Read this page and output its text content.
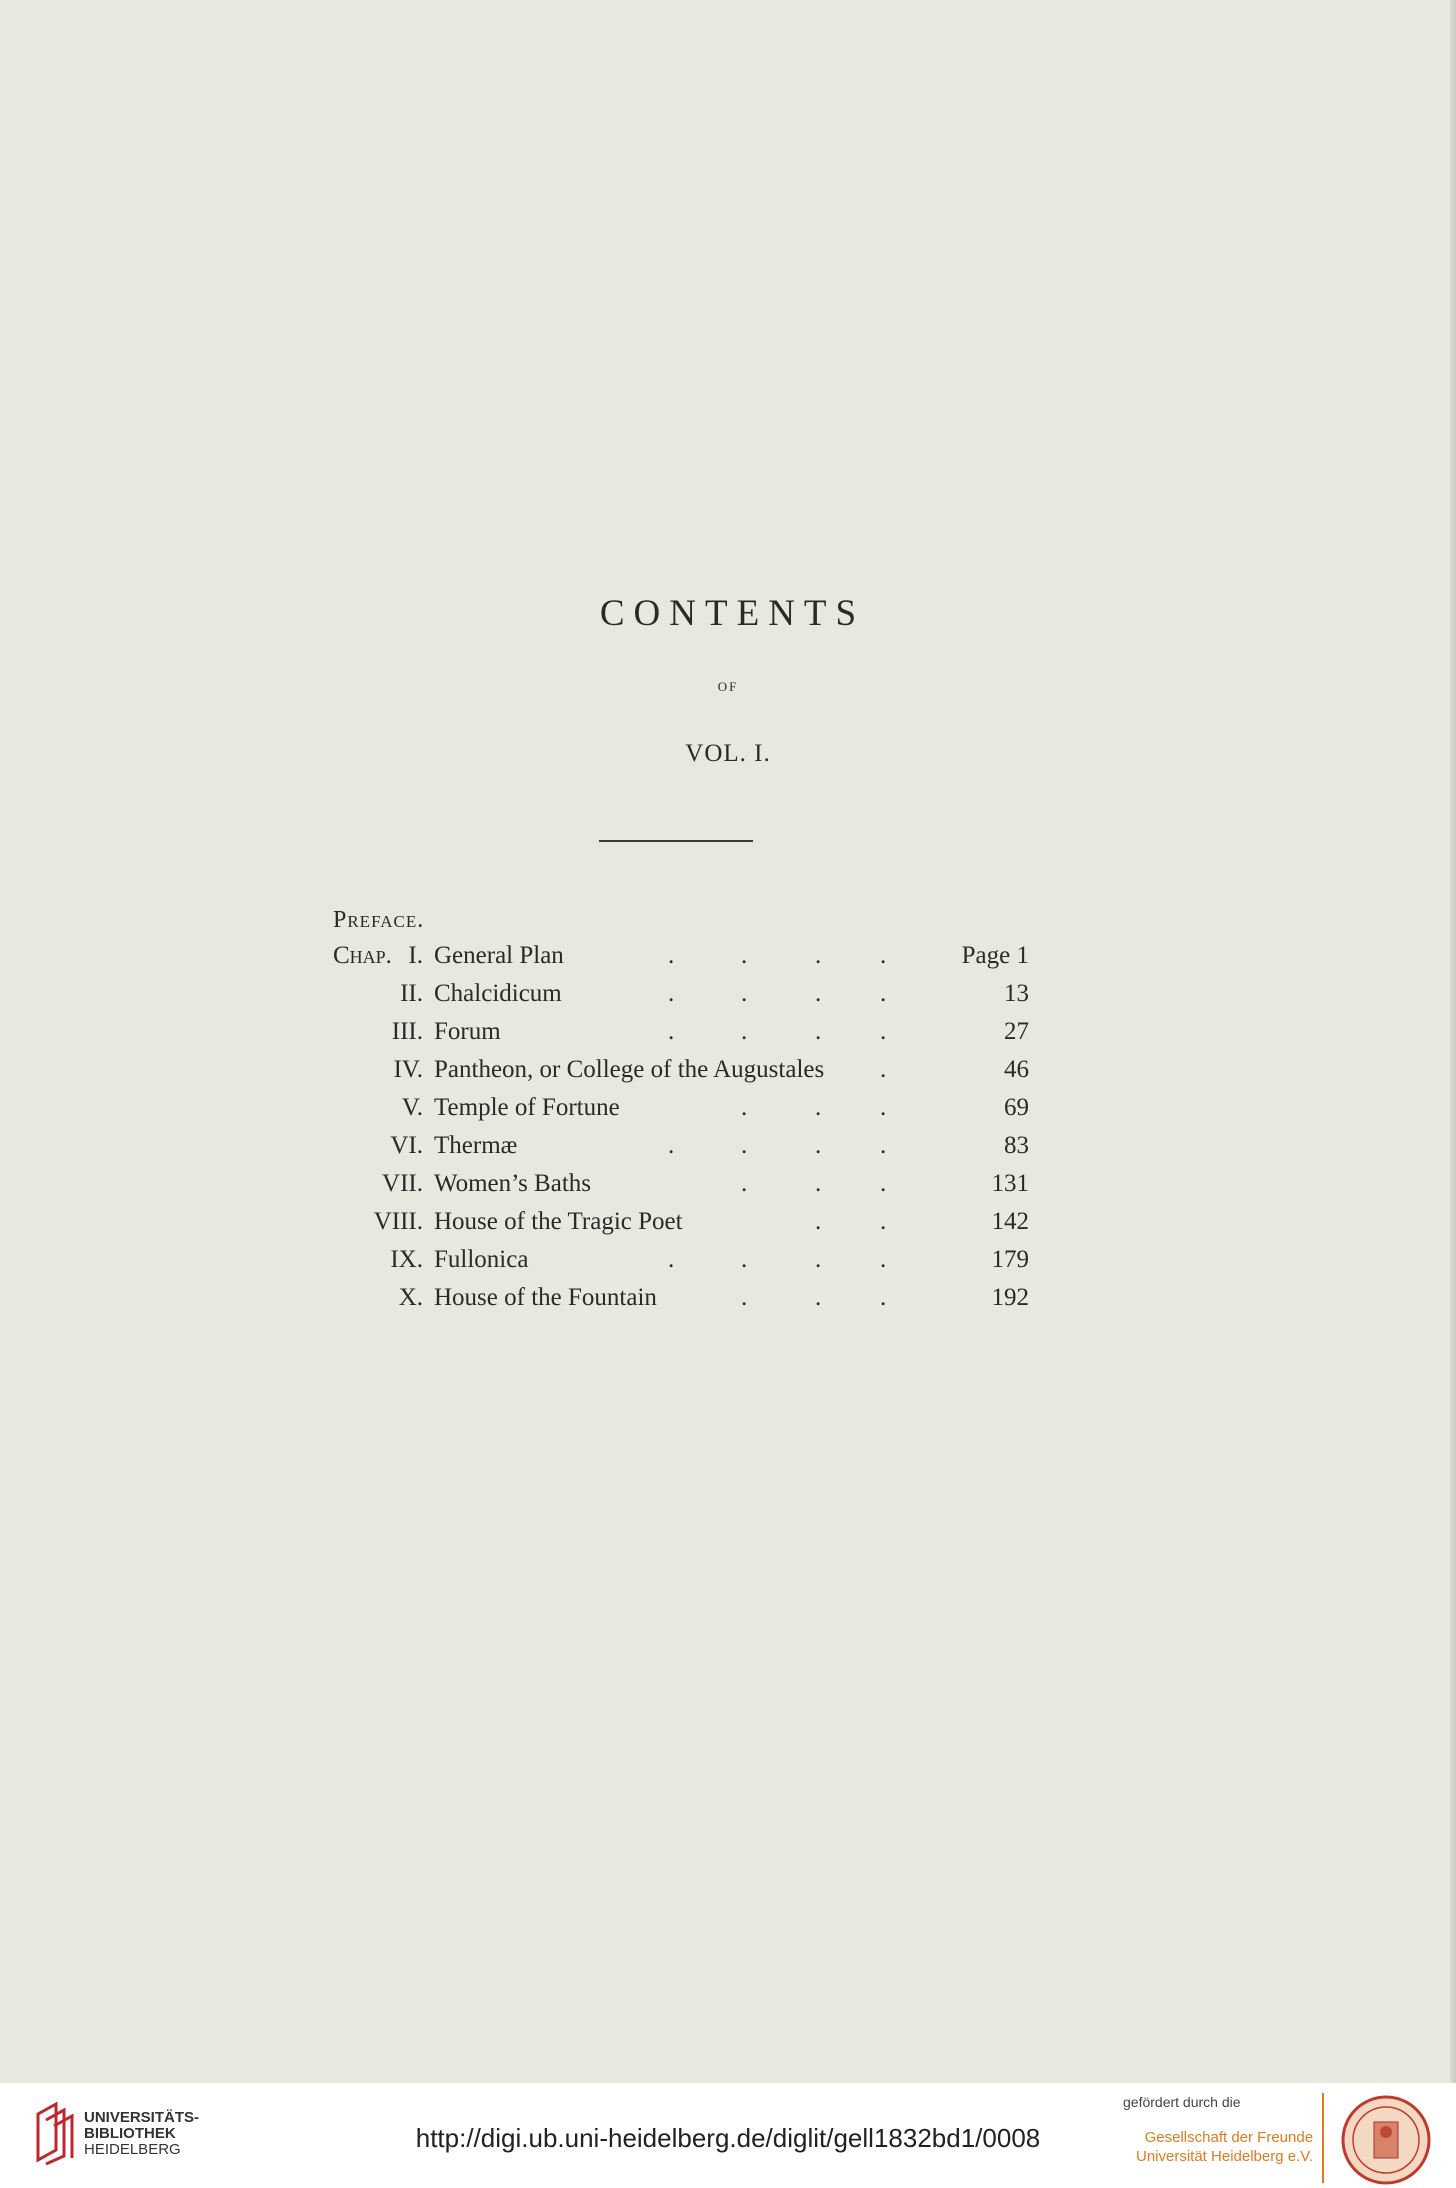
CONTENTS
OF
VOL. I.
Preface.
Chap. I. General Plan	.	.	. .	Page 1
II. Chalcidicum	.	.	. .	13
III. Forum	.	.	. .	27
IV. Pantheon, or College of the Augustales .	46
V. Temple of Fortune	.	. .	69
VI. Thermæ	.	.	. .	83
VII. Women’s Baths	.	. .	131
VIII. House of the Tragic Poet	. .	142
IX. Fullonica	.	.	. .	179
X. House of the Fountain	.	. .	192
UNIVERSITÄTS-
BIBLIOTHEK
HEIDELBERG	http://digi.ub.uni-heidelberg.de/diglit/gell1832bd1/0008
gefördert durch die
Gesellschaft der Freunde
Universität Heidelberg e.V.
